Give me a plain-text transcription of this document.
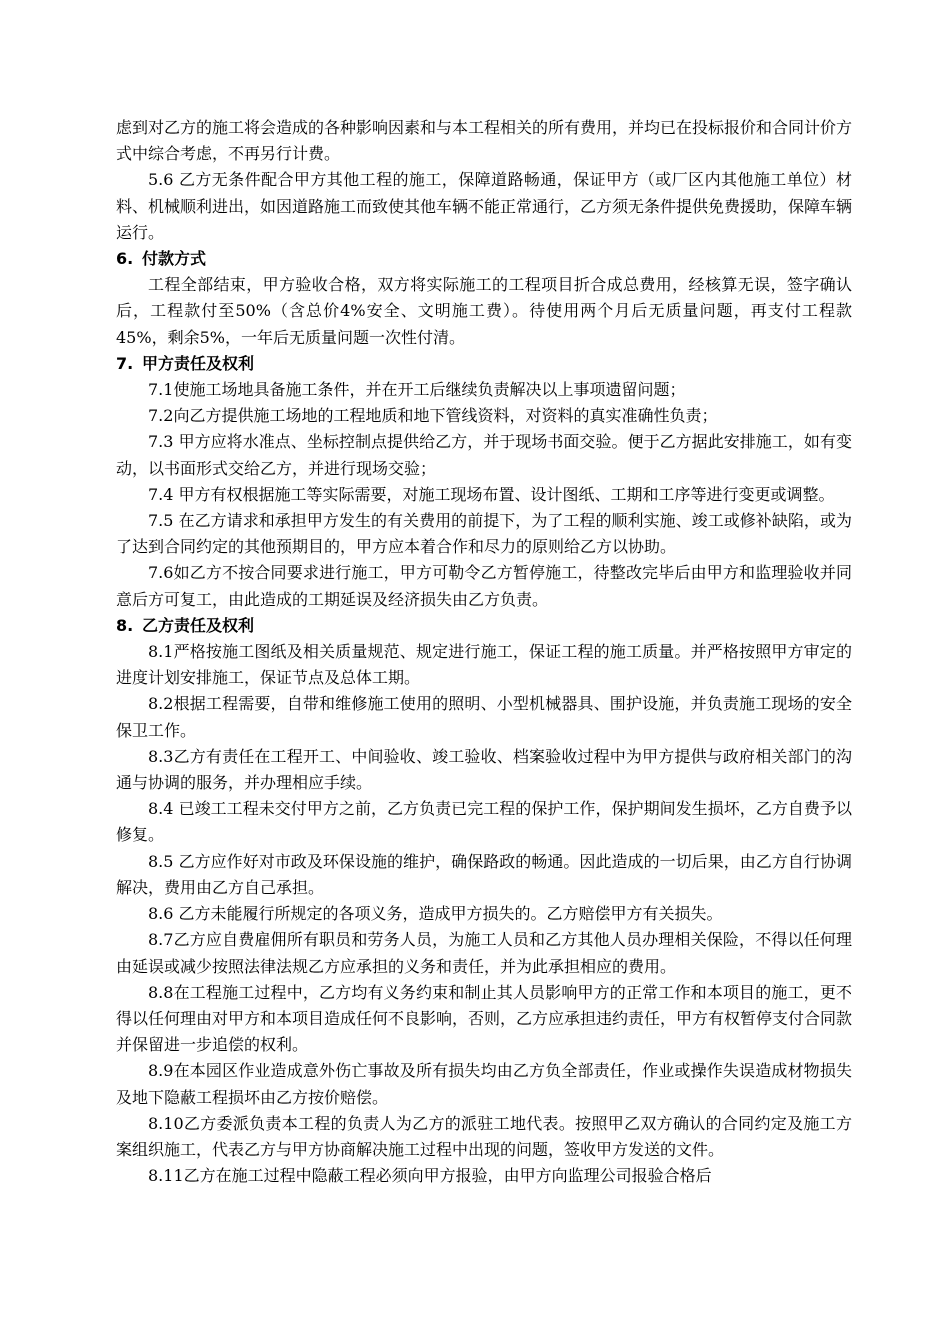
虑到对乙方的施工将会造成的各种影响因素和与本工程相关的所有费用，并均已在投标报价和合同计价方式中综合考虑，不再另行计费。

5.6 乙方无条件配合甲方其他工程的施工，保障道路畅通，保证甲方（或厂区内其他施工单位）材料、机械顺利进出，如因道路施工而致使其他车辆不能正常通行，乙方须无条件提供免费援助，保障车辆运行。

6. 付款方式

工程全部结束，甲方验收合格，双方将实际施工的工程项目折合成总费用，经核算无误，签字确认后，工程款付至50%（含总价4%安全、文明施工费）。待使用两个月后无质量问题，再支付工程款45%，剩余5%，一年后无质量问题一次性付清。

7. 甲方责任及权利

7.1使施工场地具备施工条件，并在开工后继续负责解决以上事项遗留问题；

7.2向乙方提供施工场地的工程地质和地下管线资料，对资料的真实准确性负责；

7.3 甲方应将水准点、坐标控制点提供给乙方，并于现场书面交验。便于乙方据此安排施工，如有变动，以书面形式交给乙方，并进行现场交验；

7.4 甲方有权根据施工等实际需要，对施工现场布置、设计图纸、工期和工序等进行变更或调整。

7.5 在乙方请求和承担甲方发生的有关费用的前提下，为了工程的顺利实施、竣工或修补缺陷，或为了达到合同约定的其他预期目的，甲方应本着合作和尽力的原则给乙方以协助。

7.6如乙方不按合同要求进行施工，甲方可勒令乙方暂停施工，待整改完毕后由甲方和监理验收并同意后方可复工，由此造成的工期延误及经济损失由乙方负责。

8. 乙方责任及权利

8.1严格按施工图纸及相关质量规范、规定进行施工，保证工程的施工质量。并严格按照甲方审定的进度计划安排施工，保证节点及总体工期。

8.2根据工程需要，自带和维修施工使用的照明、小型机械器具、围护设施，并负责施工现场的安全保卫工作。

8.3乙方有责任在工程开工、中间验收、竣工验收、档案验收过程中为甲方提供与政府相关部门的沟通与协调的服务，并办理相应手续。

8.4 已竣工工程未交付甲方之前，乙方负责已完工程的保护工作，保护期间发生损坏，乙方自费予以修复。

8.5 乙方应作好对市政及环保设施的维护，确保路政的畅通。因此造成的一切后果，由乙方自行协调解决，费用由乙方自己承担。

8.6 乙方未能履行所规定的各项义务，造成甲方损失的。乙方赔偿甲方有关损失。

8.7乙方应自费雇佣所有职员和劳务人员，为施工人员和乙方其他人员办理相关保险，不得以任何理由延误或减少按照法律法规乙方应承担的义务和责任，并为此承担相应的费用。

8.8在工程施工过程中，乙方均有义务约束和制止其人员影响甲方的正常工作和本项目的施工，更不得以任何理由对甲方和本项目造成任何不良影响，否则，乙方应承担违约责任，甲方有权暂停支付合同款并保留进一步追偿的权利。

8.9在本园区作业造成意外伤亡事故及所有损失均由乙方负全部责任，作业或操作失误造成材物损失及地下隐蔽工程损坏由乙方按价赔偿。

8.10乙方委派负责本工程的负责人为乙方的派驻工地代表。按照甲乙双方确认的合同约定及施工方案组织施工，代表乙方与甲方协商解决施工过程中出现的问题，签收甲方发送的文件。

8.11乙方在施工过程中隐蔽工程必须向甲方报验，由甲方向监理公司报验合格后
